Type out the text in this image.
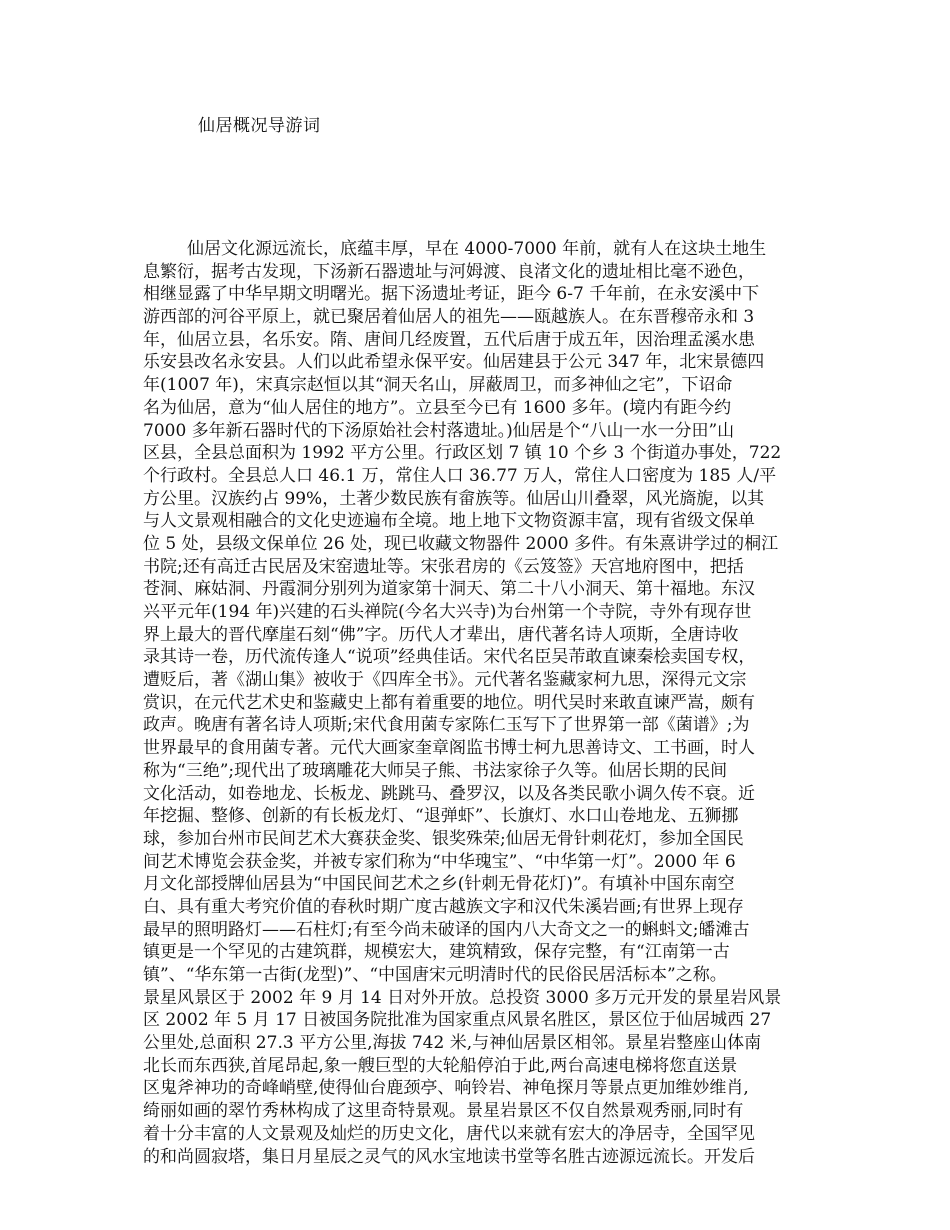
仙居概况导游词
仙居文化源远流长，底蕴丰厚，早在 4000-7000 年前，就有人在这块土地生
息繁衍，据考古发现，下汤新石器遗址与河姆渡、良渚文化的遗址相比毫不逊色，
相继显露了中华早期文明曙光。据下汤遗址考证，距今 6-7 千年前，在永安溪中下
游西部的河谷平原上，就已聚居着仙居人的祖先——瓯越族人。在东晋穆帝永和 3
年，仙居立县，名乐安。隋、唐间几经废置，五代后唐于成五年，因治理孟溪水患
乐安县改名永安县。人们以此希望永保平安。仙居建县于公元 347 年，北宋景德四
年(1007 年)，宋真宗赵恒以其“洞天名山，屏蔽周卫，而多神仙之宅”，下诏命
名为仙居，意为“仙人居住的地方”。立县至今已有 1600 多年。(境内有距今约
7000 多年新石器时代的下汤原始社会村落遗址。)仙居是个“八山一水一分田”山
区县，全县总面积为 1992 平方公里。行政区划 7 镇 10 个乡 3 个街道办事处，722
个行政村。全县总人口 46.1 万，常住人口 36.77 万人，常住人口密度为 185 人/平
方公里。汉族约占 99%，土著少数民族有畲族等。仙居山川叠翠，风光旖旎，以其
与人文景观相融合的文化史迹遍布全境。地上地下文物资源丰富，现有省级文保单
位 5 处，县级文保单位 26 处，现已收藏文物器件 2000 多件。有朱熹讲学过的桐江
书院;还有高迁古民居及宋窑遗址等。宋张君房的《云笈签》天宫地府图中，把括
苍洞、麻姑洞、丹霞洞分别列为道家第十洞天、第二十八小洞天、第十福地。东汉
兴平元年(194 年)兴建的石头禅院(今名大兴寺)为台州第一个寺院，寺外有现存世
界上最大的晋代摩崖石刻“佛”字。历代人才辈出，唐代著名诗人项斯，全唐诗收
录其诗一卷，历代流传逢人“说项”经典佳话。宋代名臣吴芾敢直谏秦桧卖国专权，
遭贬后，著《湖山集》被收于《四库全书》。元代著名鉴藏家柯九思，深得元文宗
赏识，在元代艺术史和鉴藏史上都有着重要的地位。明代吴时来敢直谏严嵩，颇有
政声。晚唐有著名诗人项斯;宋代食用菌专家陈仁玉写下了世界第一部《菌谱》;为
世界最早的食用菌专著。元代大画家奎章阁监书博士柯九思善诗文、工书画，时人
称为“三绝”;现代出了玻璃雕花大师吴子熊、书法家徐子久等。仙居长期的民间
文化活动，如卷地龙、长板龙、跳跳马、叠罗汉，以及各类民歌小调久传不衰。近
年挖掘、整修、创新的有长板龙灯、“退弹虾”、长旗灯、水口山卷地龙、五狮挪
球，参加台州市民间艺术大赛获金奖、银奖殊荣;仙居无骨针刺花灯，参加全国民
间艺术博览会获金奖，并被专家们称为“中华瑰宝”、“中华第一灯”。2000 年 6
月文化部授牌仙居县为“中国民间艺术之乡(针刺无骨花灯)”。有填补中国东南空
白、具有重大考究价值的春秋时期广度古越族文字和汉代朱溪岩画;有世界上现存
最早的照明路灯——石柱灯;有至今尚未破译的国内八大奇文之一的蝌蚪文;皤滩古
镇更是一个罕见的古建筑群，规模宏大，建筑精致，保存完整，有“江南第一古
镇”、“华东第一古街(龙型)”、“中国唐宋元明清时代的民俗民居活标本”之称。
景星风景区于 2002 年 9 月 14 日对外开放。总投资 3000 多万元开发的景星岩风景
区 2002 年 5 月 17 日被国务院批准为国家重点风景名胜区，景区位于仙居城西 27
公里处,总面积 27.3 平方公里,海拔 742 米,与神仙居景区相邻。景星岩整座山体南
北长而东西狭,首尾昂起,象一艘巨型的大轮船停泊于此,两台高速电梯将您直送景
区鬼斧神功的奇峰峭壁,使得仙台鹿颈亭、响铃岩、神龟探月等景点更加维妙维肖,
绮丽如画的翠竹秀林构成了这里奇特景观。景星岩景区不仅自然景观秀丽,同时有
着十分丰富的人文景观及灿烂的历史文化，唐代以来就有宏大的净居寺，全国罕见
的和尚圆寂塔，集日月星辰之灵气的风水宝地读书堂等名胜古迹源远流长。开发后
